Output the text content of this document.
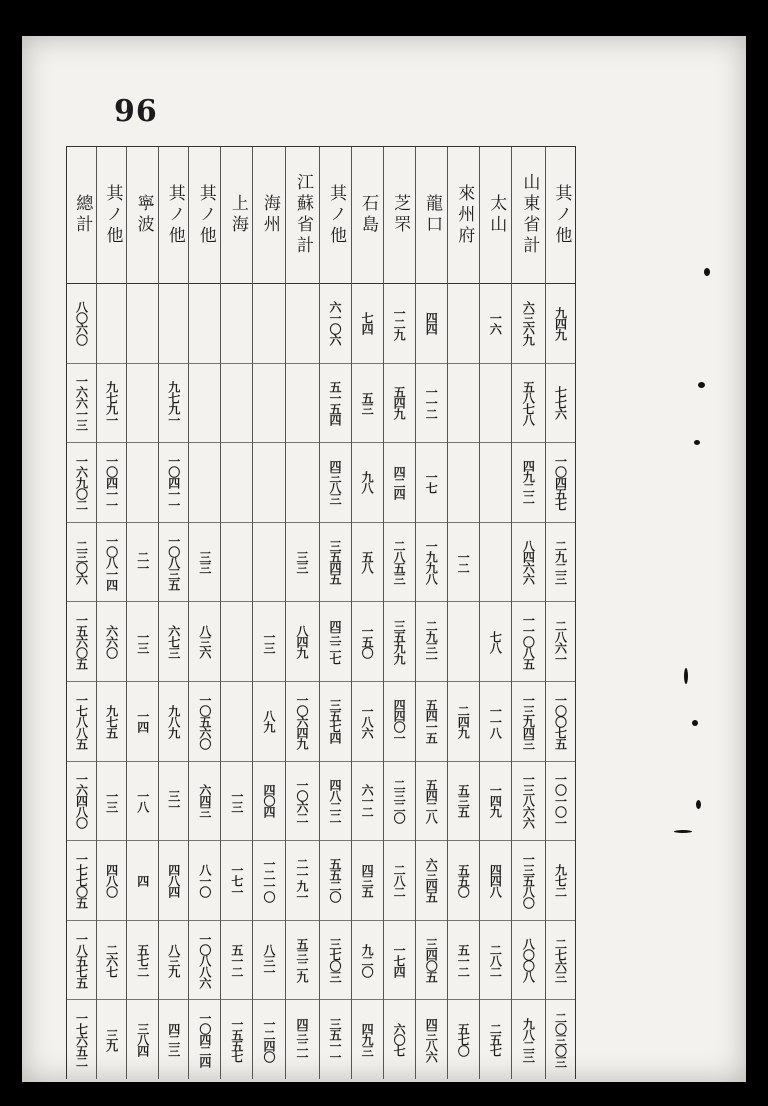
96
其ノ他
九四九
七七六
一〇四五七
二九二三
二八六一
一〇〇七五
一〇一〇一
九七二
二七六三
二〇三〇三
山東省計
六三六九
五八七八
四九二二
八四六六
一一〇八五
一三九四三
一三八六六
一三五八〇
八〇〇八
九八二三
太山
一六
七八
一一八
一四九
四四八
二八二
二五七
來州府
一二
二四九
五三五
五五〇
五一二
五七〇
龍口
四四
一一二
一七
一九九八
二九三一
五四一五
五四二八
六三四五
三四〇五
四三八六
芝罘
一二九
五四九
四二四
二八五三
三五九九
四四〇一
二三二〇
二八二
一七四
六〇七
石島
七四
五三
九八
五八
一五〇
一八六
六一二
四三五
九二〇
四九三
其ノ他
六一〇六
五一五四
四三八三
三五四五
四三二七
三五七四
四八二二
五五二〇
三七〇三
三五一一
江蘇省計
三三
八四九
一〇六四九
一〇六二
二一九一
五三二九
四三二一
海州
一三
八九
四〇四
一二一〇
八三一
一二四〇
上海
一三
一七一
五一二
一五五七
其ノ他
三三
八三六
一〇五六〇
六四三
八一〇
一〇八八六
一〇四二四
其ノ他
九七九一
一〇四一一
一〇八三五
六七三
九八九
三一
四八四
八三九
四二三
寧波
二一
一三
一四
一八
四
五七二
三八四
其ノ他
九七九一
一〇四一一
一〇八一四
六六〇
九七五
一三
四八〇
二六七
三九
總計
八〇六〇
一六六一三
一六九〇二
二三〇六
一五六〇五
一七八八五
一六四八〇
一七七〇五
一八五七五
一七六五二
